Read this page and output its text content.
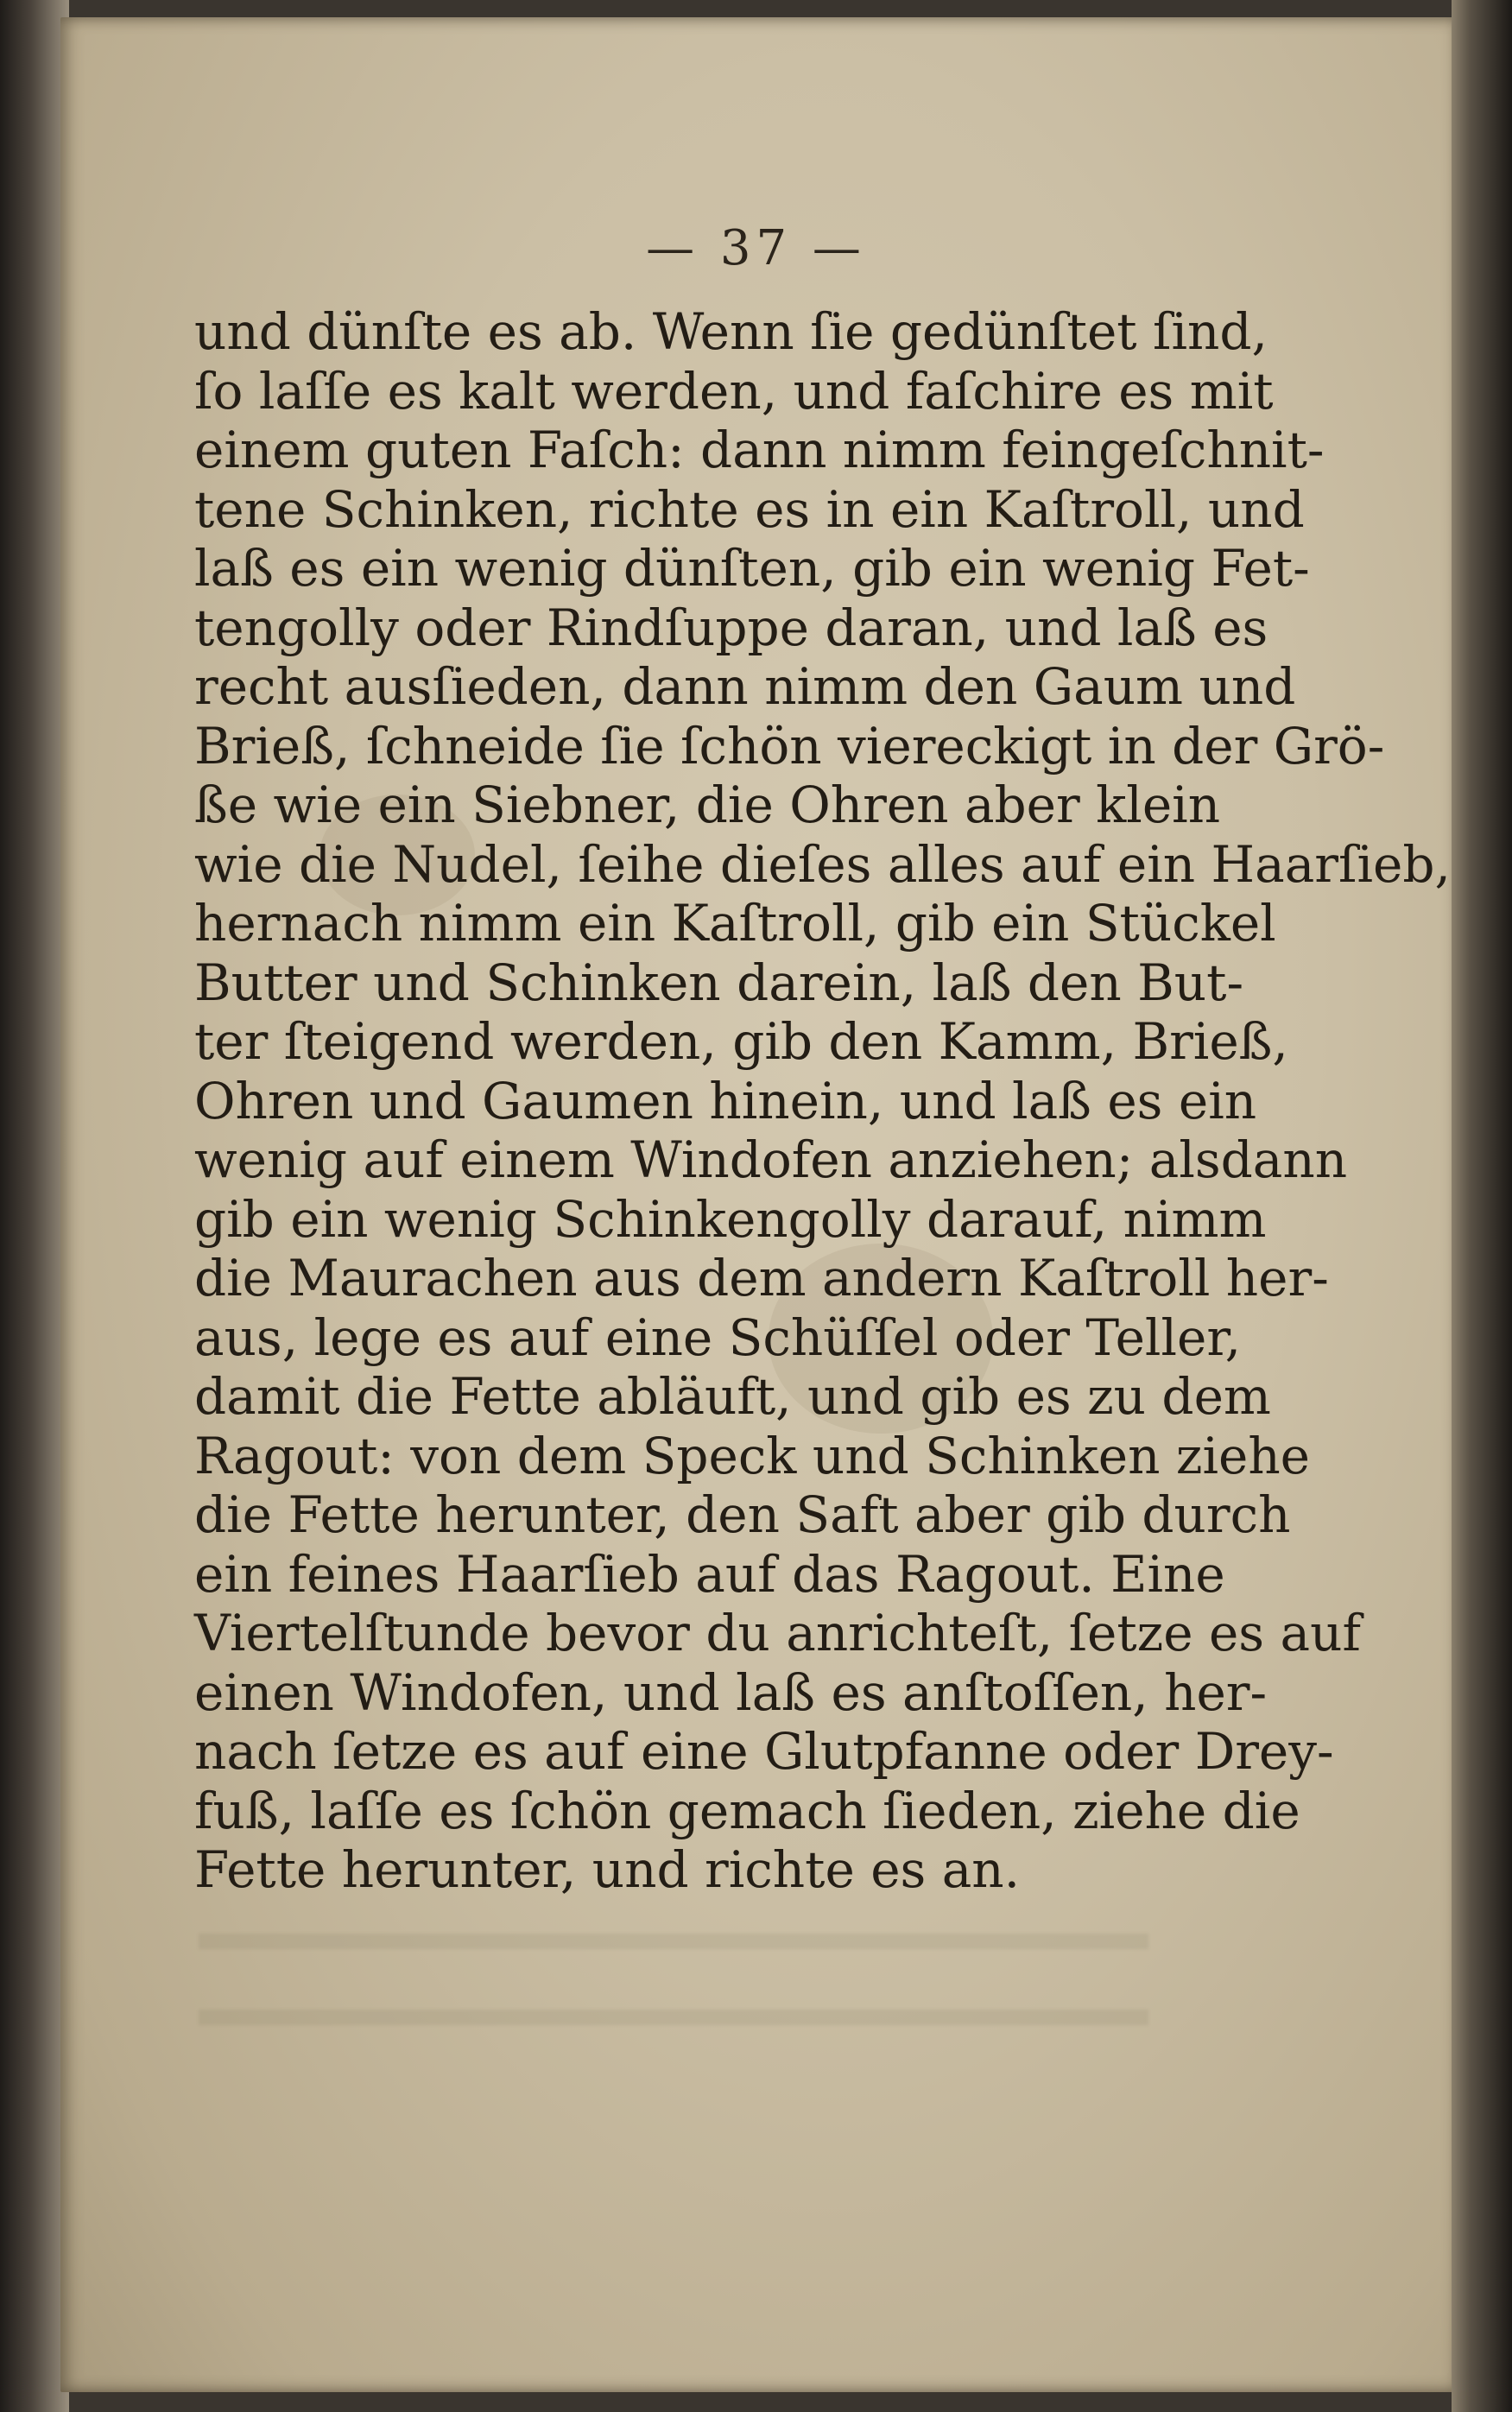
— 37 —
und dünſte es ab. Wenn ſie gedünſtet ſind,
ſo laſſe es kalt werden, und faſchire es mit
einem guten Faſch: dann nimm feingeſchnit-
tene Schinken, richte es in ein Kaſtroll, und
laß es ein wenig dünſten, gib ein wenig Fet-
tengolly oder Rindſuppe daran, und laß es
recht ausſieden, dann nimm den Gaum und
Brieß, ſchneide ſie ſchön viereckigt in der Grö-
ße wie ein Siebner, die Ohren aber klein
wie die Nudel, ſeihe dieſes alles auf ein Haarſieb,
hernach nimm ein Kaſtroll, gib ein Stückel
Butter und Schinken darein, laß den But-
ter ſteigend werden, gib den Kamm, Brieß,
Ohren und Gaumen hinein, und laß es ein
wenig auf einem Windofen anziehen; alsdann
gib ein wenig Schinkengolly darauf, nimm
die Maurachen aus dem andern Kaſtroll her-
aus, lege es auf eine Schüſſel oder Teller,
damit die Fette abläuft, und gib es zu dem
Ragout: von dem Speck und Schinken ziehe
die Fette herunter, den Saft aber gib durch
ein feines Haarſieb auf das Ragout. Eine
Viertelſtunde bevor du anrichteſt, ſetze es auf
einen Windofen, und laß es anſtoſſen, her-
nach ſetze es auf eine Glutpfanne oder Drey-
fuß, laſſe es ſchön gemach ſieden, ziehe die
Fette herunter, und richte es an.
